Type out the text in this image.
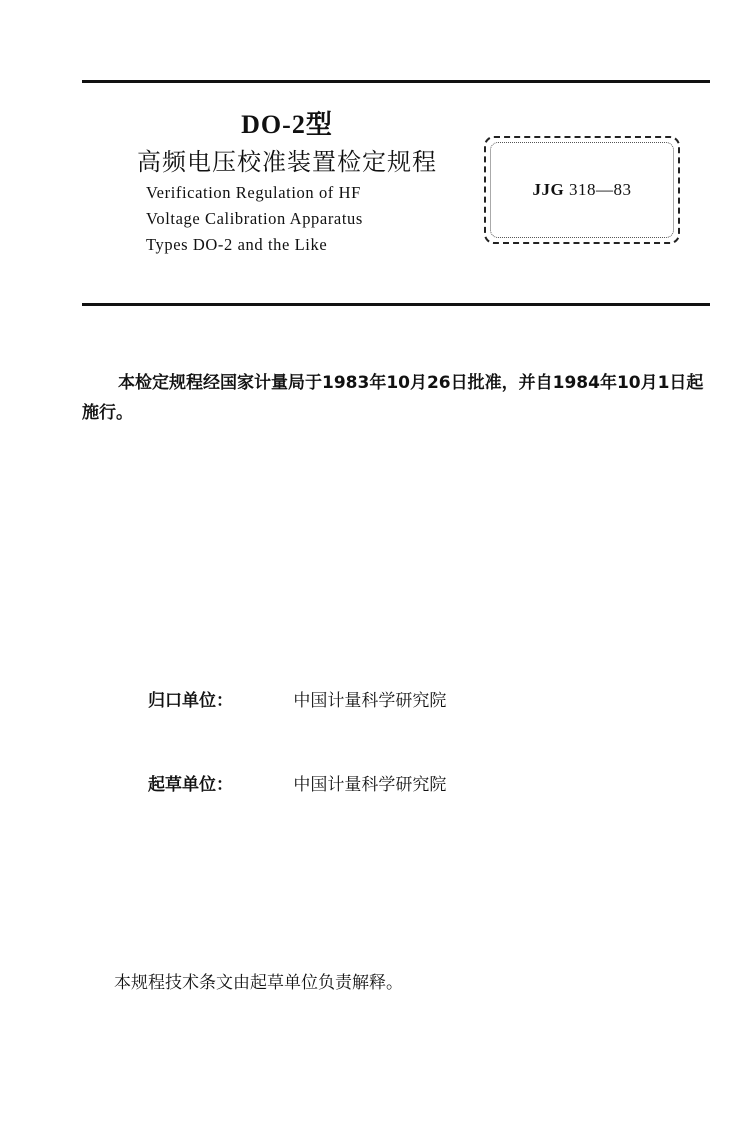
DO-2型
高频电压校准装置检定规程
Verification Regulation of HF
Voltage Calibration Apparatus
Types DO-2 and the Like
JJG 318—83
本检定规程经国家计量局于1983年10月26日批准，并自1984年10月1日起施行。
归口单位：	中国计量科学研究院
起草单位：	中国计量科学研究院
本规程技术条文由起草单位负责解释。
